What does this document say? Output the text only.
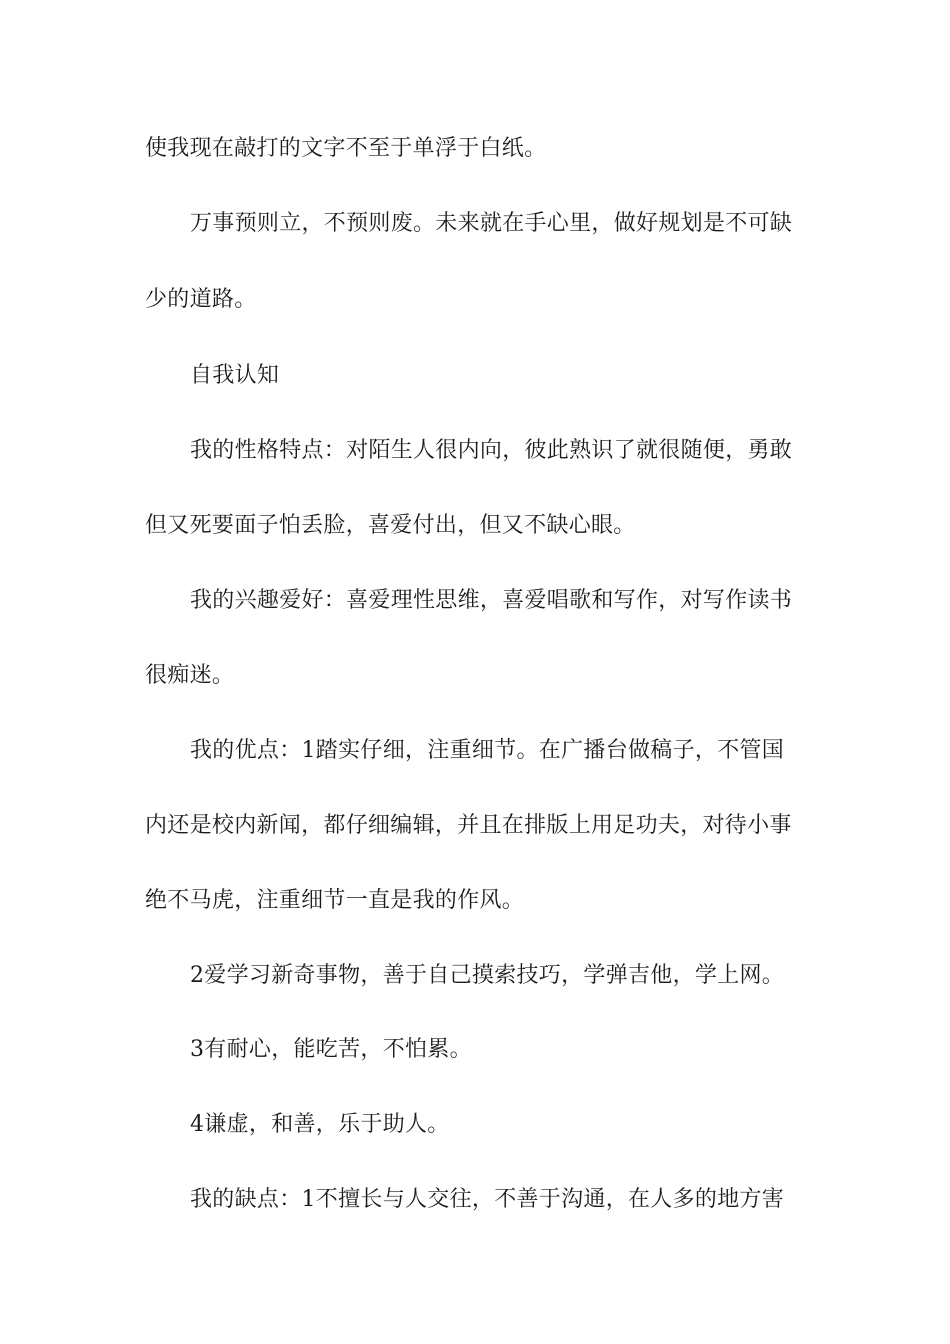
使我现在敲打的文字不至于单浮于白纸。

万事预则立，不预则废。未来就在手心里，做好规划是不可缺

少的道路。

自我认知

我的性格特点：对陌生人很内向，彼此熟识了就很随便，勇敢

但又死要面子怕丢脸，喜爱付出，但又不缺心眼。

我的兴趣爱好：喜爱理性思维，喜爱唱歌和写作，对写作读书

很痴迷。

我的优点：1踏实仔细，注重细节。在广播台做稿子，不管国

内还是校内新闻，都仔细编辑，并且在排版上用足功夫，对待小事

绝不马虎，注重细节一直是我的作风。

2爱学习新奇事物，善于自己摸索技巧，学弹吉他，学上网。

3有耐心，能吃苦，不怕累。

4谦虚，和善，乐于助人。

我的缺点：1不擅长与人交往，不善于沟通，在人多的地方害
